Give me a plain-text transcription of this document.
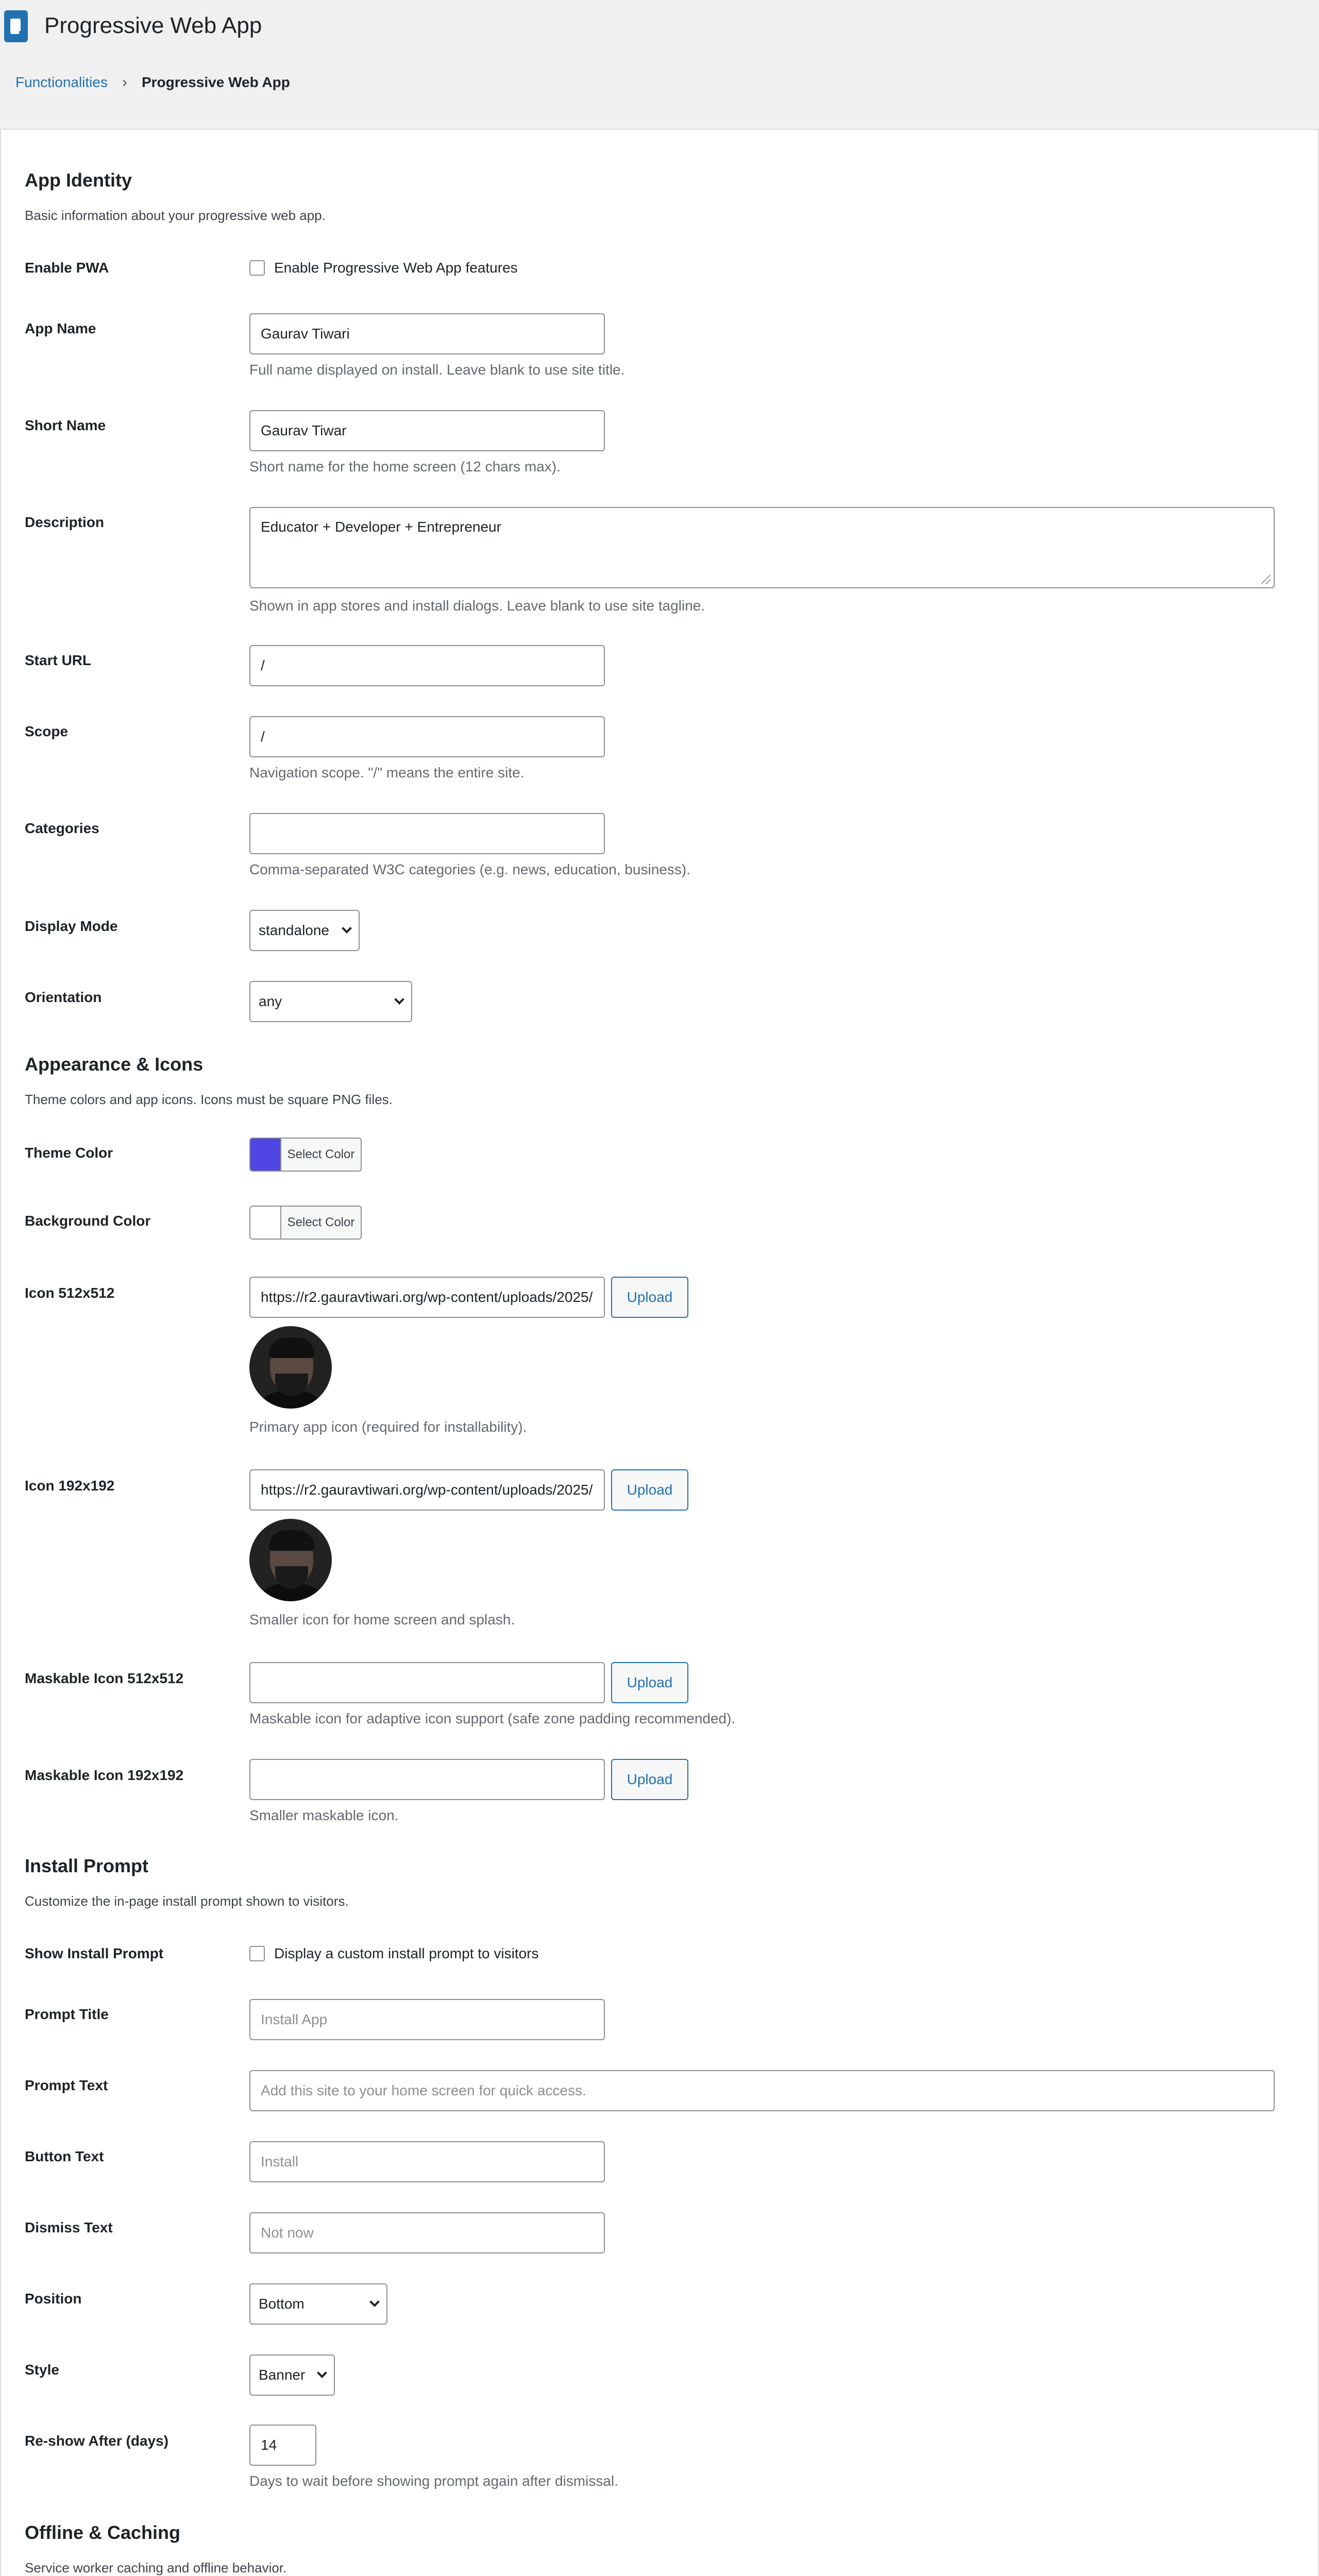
Progressive Web App
Functionalities › Progressive Web App
App Identity
Basic information about your progressive web app.
Enable PWA	Enable Progressive Web App features
App Name	Gaurav Tiwari
Full name displayed on install. Leave blank to use site title.
Short Name	Gaurav Tiwar
Short name for the home screen (12 chars max).
Description	Educator + Developer + Entrepreneur
Shown in app stores and install dialogs. Leave blank to use site tagline.
Start URL	/
Scope	/
Navigation scope. "/" means the entire site.
Categories
Comma-separated W3C categories (e.g. news, education, business).
Display Mode	standalone
Orientation	any
Appearance & Icons
Theme colors and app icons. Icons must be square PNG files.
Theme Color	Select Color
Background Color	Select Color
Icon 512x512	https://r2.gauravtiwari.org/wp-content/uploads/2025/	Upload
Primary app icon (required for installability).
Icon 192x192	https://r2.gauravtiwari.org/wp-content/uploads/2025/	Upload
Smaller icon for home screen and splash.
Maskable Icon 512x512	Upload
Maskable icon for adaptive icon support (safe zone padding recommended).
Maskable Icon 192x192	Upload
Smaller maskable icon.
Install Prompt
Customize the in-page install prompt shown to visitors.
Show Install Prompt	Display a custom install prompt to visitors
Prompt Title	Install App
Prompt Text	Add this site to your home screen for quick access.
Button Text	Install
Dismiss Text	Not now
Position	Bottom
Style	Banner
Re-show After (days)	14
Days to wait before showing prompt again after dismissal.
Offline & Caching
Service worker caching and offline behavior.
